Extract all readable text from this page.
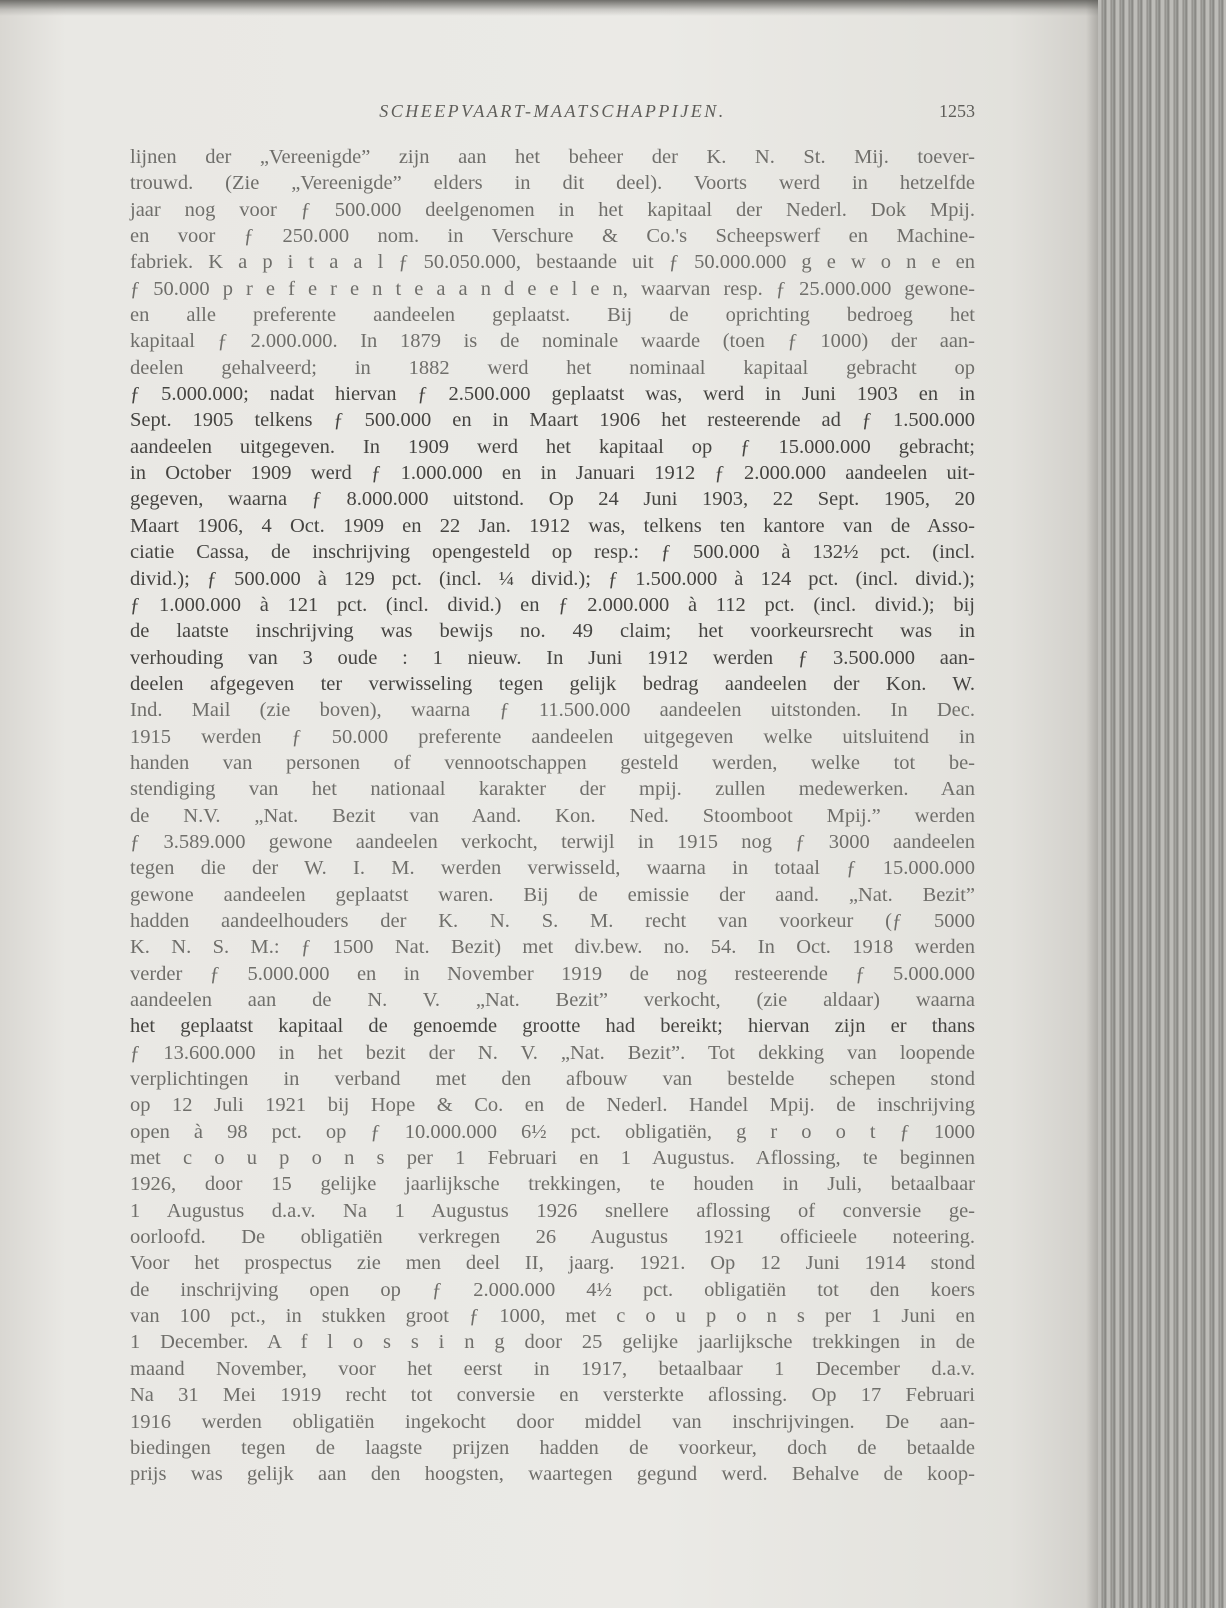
SCHEEPVAART-MAATSCHAPPIJEN.	1253
lijnen der „Vereenigde” zijn aan het beheer der K. N. St. Mij. toever-
trouwd. (Zie „Vereenigde” elders in dit deel). Voorts werd in hetzelfde
jaar nog voor ƒ 500.000 deelgenomen in het kapitaal der Nederl. Dok Mpij.
en voor ƒ 250.000 nom. in Verschure & Co.'s Scheepswerf en Machine-
fabriek. K a p i t a a l ƒ 50.050.000, bestaande uit ƒ 50.000.000 g e w o n e en
ƒ 50.000 p r e f e r e n t e a a n d e e l e n, waarvan resp. ƒ 25.000.000 gewone-
en alle preferente aandeelen geplaatst. Bij de oprichting bedroeg het
kapitaal ƒ 2.000.000. In 1879 is de nominale waarde (toen ƒ 1000) der aan-
deelen gehalveerd; in 1882 werd het nominaal kapitaal gebracht op
ƒ 5.000.000; nadat hiervan ƒ 2.500.000 geplaatst was, werd in Juni 1903 en in
Sept. 1905 telkens ƒ 500.000 en in Maart 1906 het resteerende ad ƒ 1.500.000
aandeelen uitgegeven. In 1909 werd het kapitaal op ƒ 15.000.000 gebracht;
in October 1909 werd ƒ 1.000.000 en in Januari 1912 ƒ 2.000.000 aandeelen uit-
gegeven, waarna ƒ 8.000.000 uitstond. Op 24 Juni 1903, 22 Sept. 1905, 20
Maart 1906, 4 Oct. 1909 en 22 Jan. 1912 was, telkens ten kantore van de Asso-
ciatie Cassa, de inschrijving opengesteld op resp.: ƒ 500.000 à 132½ pct. (incl.
divid.); ƒ 500.000 à 129 pct. (incl. ¼ divid.); ƒ 1.500.000 à 124 pct. (incl. divid.);
ƒ 1.000.000 à 121 pct. (incl. divid.) en ƒ 2.000.000 à 112 pct. (incl. divid.); bij
de laatste inschrijving was bewijs no. 49 claim; het voorkeursrecht was in
verhouding van 3 oude : 1 nieuw. In Juni 1912 werden ƒ 3.500.000 aan-
deelen afgegeven ter verwisseling tegen gelijk bedrag aandeelen der Kon. W.
Ind. Mail (zie boven), waarna ƒ 11.500.000 aandeelen uitstonden. In Dec.
1915 werden ƒ 50.000 preferente aandeelen uitgegeven welke uitsluitend in
handen van personen of vennootschappen gesteld werden, welke tot be-
stendiging van het nationaal karakter der mpij. zullen medewerken. Aan
de N.V. „Nat. Bezit van Aand. Kon. Ned. Stoomboot Mpij.” werden
ƒ 3.589.000 gewone aandeelen verkocht, terwijl in 1915 nog ƒ 3000 aandeelen
tegen die der W. I. M. werden verwisseld, waarna in totaal ƒ 15.000.000
gewone aandeelen geplaatst waren. Bij de emissie der aand. „Nat. Bezit”
hadden aandeelhouders der K. N. S. M. recht van voorkeur (ƒ 5000
K. N. S. M.: ƒ 1500 Nat. Bezit) met div.bew. no. 54. In Oct. 1918 werden
verder ƒ 5.000.000 en in November 1919 de nog resteerende ƒ 5.000.000
aandeelen aan de N. V. „Nat. Bezit” verkocht, (zie aldaar) waarna
het geplaatst kapitaal de genoemde grootte had bereikt; hiervan zijn er thans
ƒ 13.600.000 in het bezit der N. V. „Nat. Bezit”. Tot dekking van loopende
verplichtingen in verband met den afbouw van bestelde schepen stond
op 12 Juli 1921 bij Hope & Co. en de Nederl. Handel Mpij. de inschrijving
open à 98 pct. op ƒ 10.000.000 6½ pct. obligatiën, g r o o t ƒ 1000
met c o u p o n s per 1 Februari en 1 Augustus. Aflossing, te beginnen
1926, door 15 gelijke jaarlijksche trekkingen, te houden in Juli, betaalbaar
1 Augustus d.a.v. Na 1 Augustus 1926 snellere aflossing of conversie ge-
oorloofd. De obligatiën verkregen 26 Augustus 1921 officieele noteering.
Voor het prospectus zie men deel II, jaarg. 1921. Op 12 Juni 1914 stond
de inschrijving open op ƒ 2.000.000 4½ pct. obligatiën tot den koers
van 100 pct., in stukken groot ƒ 1000, met c o u p o n s per 1 Juni en
1 December. A f l o s s i n g door 25 gelijke jaarlijksche trekkingen in de
maand November, voor het eerst in 1917, betaalbaar 1 December d.a.v.
Na 31 Mei 1919 recht tot conversie en versterkte aflossing. Op 17 Februari
1916 werden obligatiën ingekocht door middel van inschrijvingen. De aan-
biedingen tegen de laagste prijzen hadden de voorkeur, doch de betaalde
prijs was gelijk aan den hoogsten, waartegen gegund werd. Behalve de koop-
